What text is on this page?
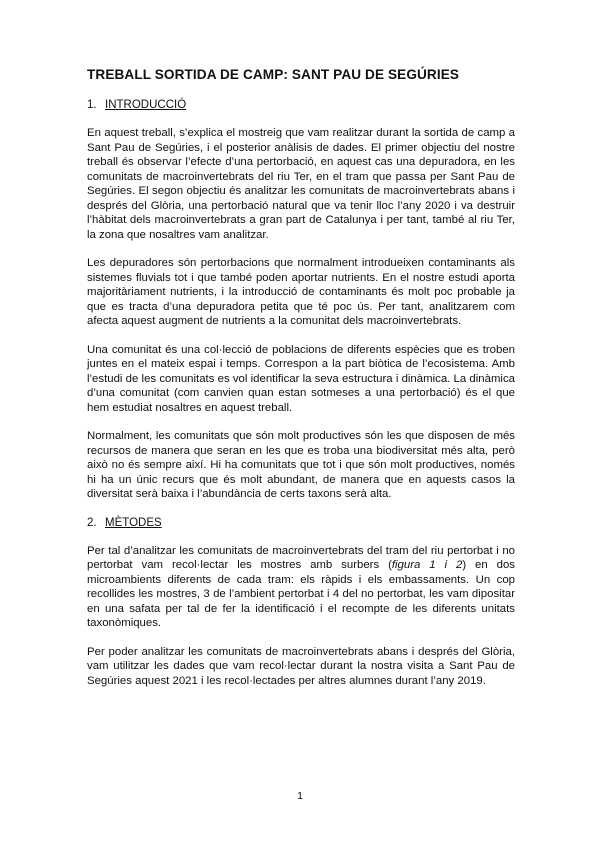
TREBALL SORTIDA DE CAMP: SANT PAU DE SEGÚRIES
1. INTRODUCCIÓ

En aquest treball, s’explica el mostreig que vam realitzar durant la sortida de camp a Sant Pau de Segúries, i el posterior anàlisis de dades. El primer objectiu del nostre treball és observar l’efecte d’una pertorbació, en aquest cas una depuradora, en les comunitats de macroinvertebrats del riu Ter, en el tram que passa per Sant Pau de Segúries. El segon objectiu és analitzar les comunitats de macroinvertebrats abans i després del Glòria, una pertorbació natural que va tenir lloc l’any 2020 i va destruir l’hàbitat dels macroinvertebrats a gran part de Catalunya i per tant, també al riu Ter, la zona que nosaltres vam analitzar.

Les depuradores són pertorbacions que normalment introdueixen contaminants als sistemes fluvials tot i que també poden aportar nutrients. En el nostre estudi aporta majoritàriament nutrients, i la introducció de contaminants és molt poc probable ja que es tracta d’una depuradora petita que té poc ús. Per tant, analitzarem com afecta aquest augment de nutrients a la comunitat dels macroinvertebrats.

Una comunitat és una col·lecció de poblacions de diferents espècies que es troben juntes en el mateix espai i temps. Correspon a la part biòtica de l’ecosistema. Amb l’estudi de les comunitats es vol identificar la seva estructura i dinàmica. La dinàmica d’una comunitat (com canvien quan estan sotmeses a una pertorbació) és el que hem estudiat nosaltres en aquest treball.

Normalment, les comunitats que són molt productives són les que disposen de més recursos de manera que seran en les que es troba una biodiversitat més alta, però això no és sempre així. Hi ha comunitats que tot i que són molt productives, només hi ha un únic recurs que és molt abundant, de manera que en aquests casos la diversitat serà baixa i l’abundància de certs taxons serà alta.

2. MÈTODES

Per tal d’analitzar les comunitats de macroinvertebrats del tram del riu pertorbat i no pertorbat vam recol·lectar les mostres amb surbers (figura 1 i 2) en dos microambients diferents de cada tram: els ràpids i els embassaments. Un cop recollides les mostres, 3 de l’ambient pertorbat i 4 del no pertorbat, les vam dipositar en una safata per tal de fer la identificació i el recompte de les diferents unitats taxonòmiques.

Per poder analitzar les comunitats de macroinvertebrats abans i després del Glòria, vam utilitzar les dades que vam recol·lectar durant la nostra visita a Sant Pau de Segúries aquest 2021 i les recol·lectades per altres alumnes durant l’any 2019.

1
